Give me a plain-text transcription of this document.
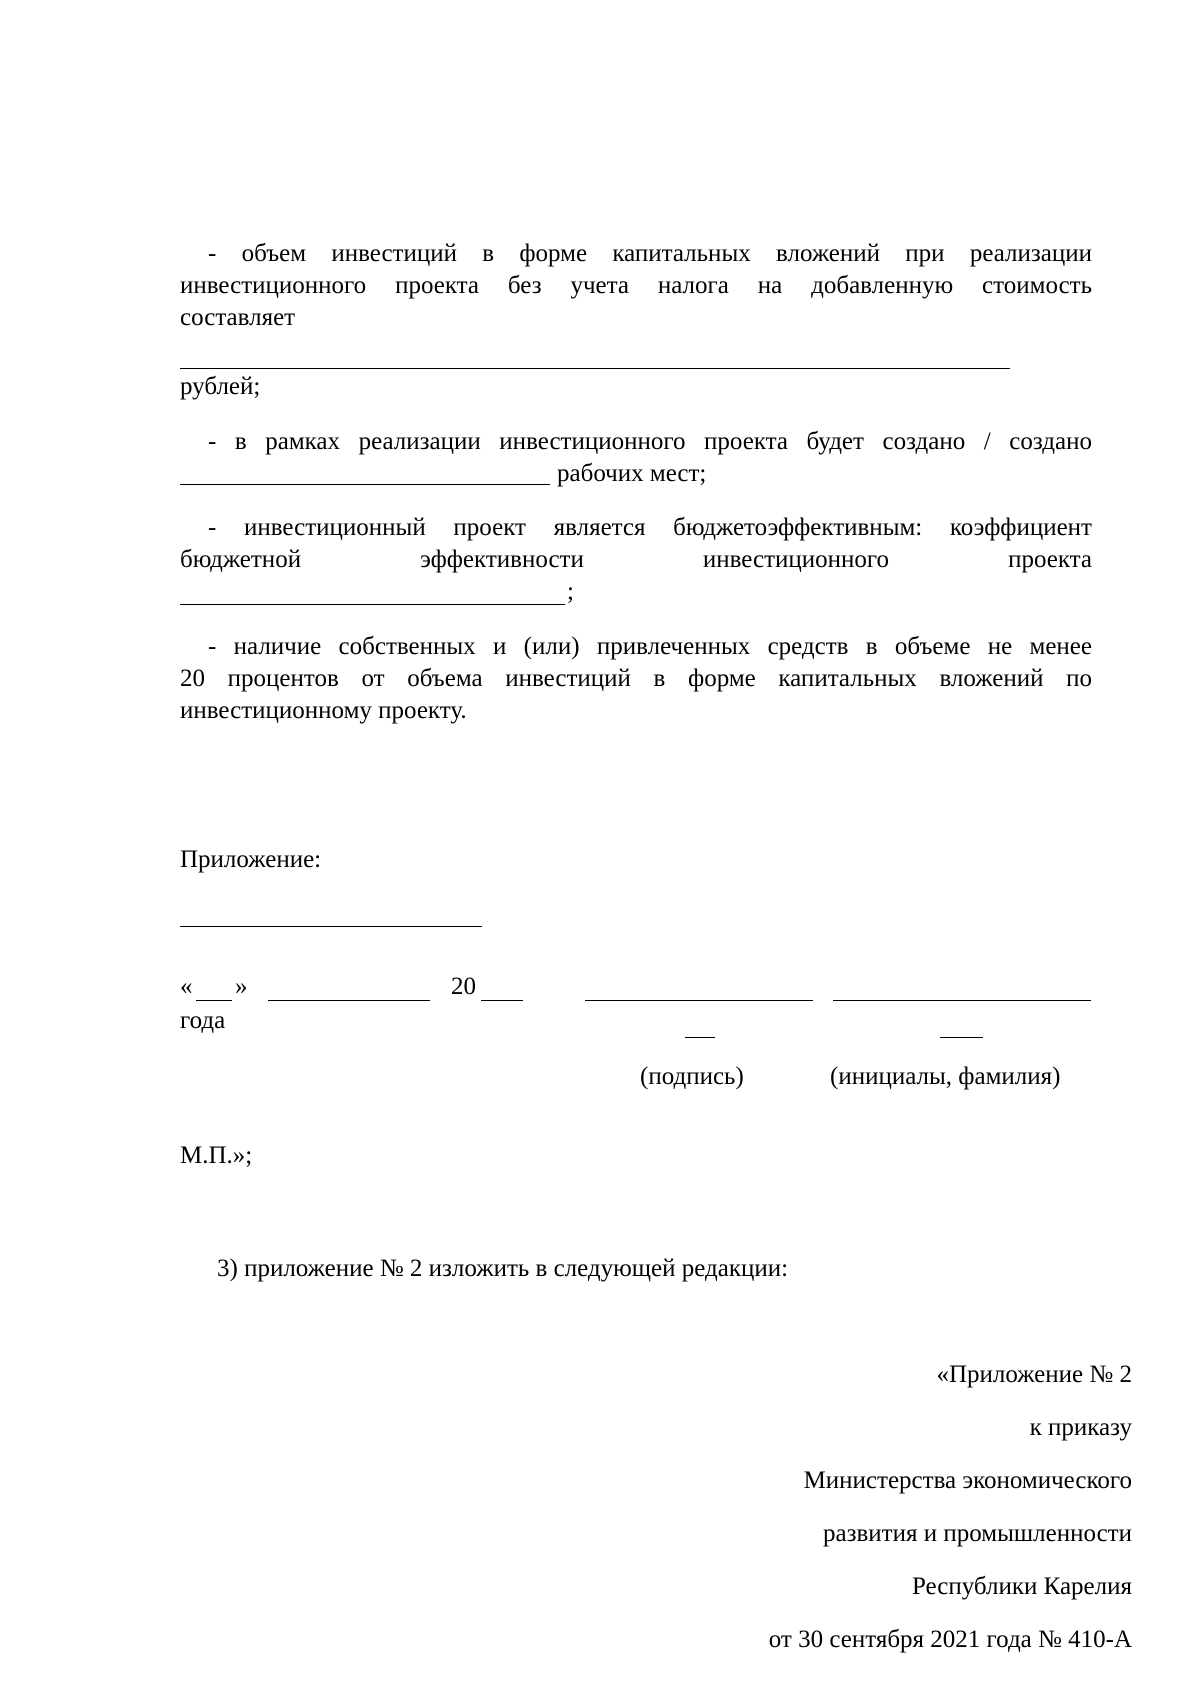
- объем инвестиций в форме капитальных вложений при реализации
инвестиционного проекта без учета налога на добавленную стоимость
составляет
рублей;
- в рамках реализации инвестиционного проекта будет создано / создано
рабочих мест;
- инвестиционный проект является бюджетоэффективным: коэффициент
бюджетной эффективности инвестиционного проекта
;
- наличие собственных и (или) привлеченных средств в объеме не менее
20 процентов от объема инвестиций в форме капитальных вложений по
инвестиционному проекту.
Приложение:
« »	20
года
(подпись)	(инициалы, фамилия)
М.П.»;
3) приложение № 2 изложить в следующей редакции:
«Приложение № 2
к приказу
Министерства экономического
развития и промышленности
Республики Карелия
от 30 сентября 2021 года № 410-А
